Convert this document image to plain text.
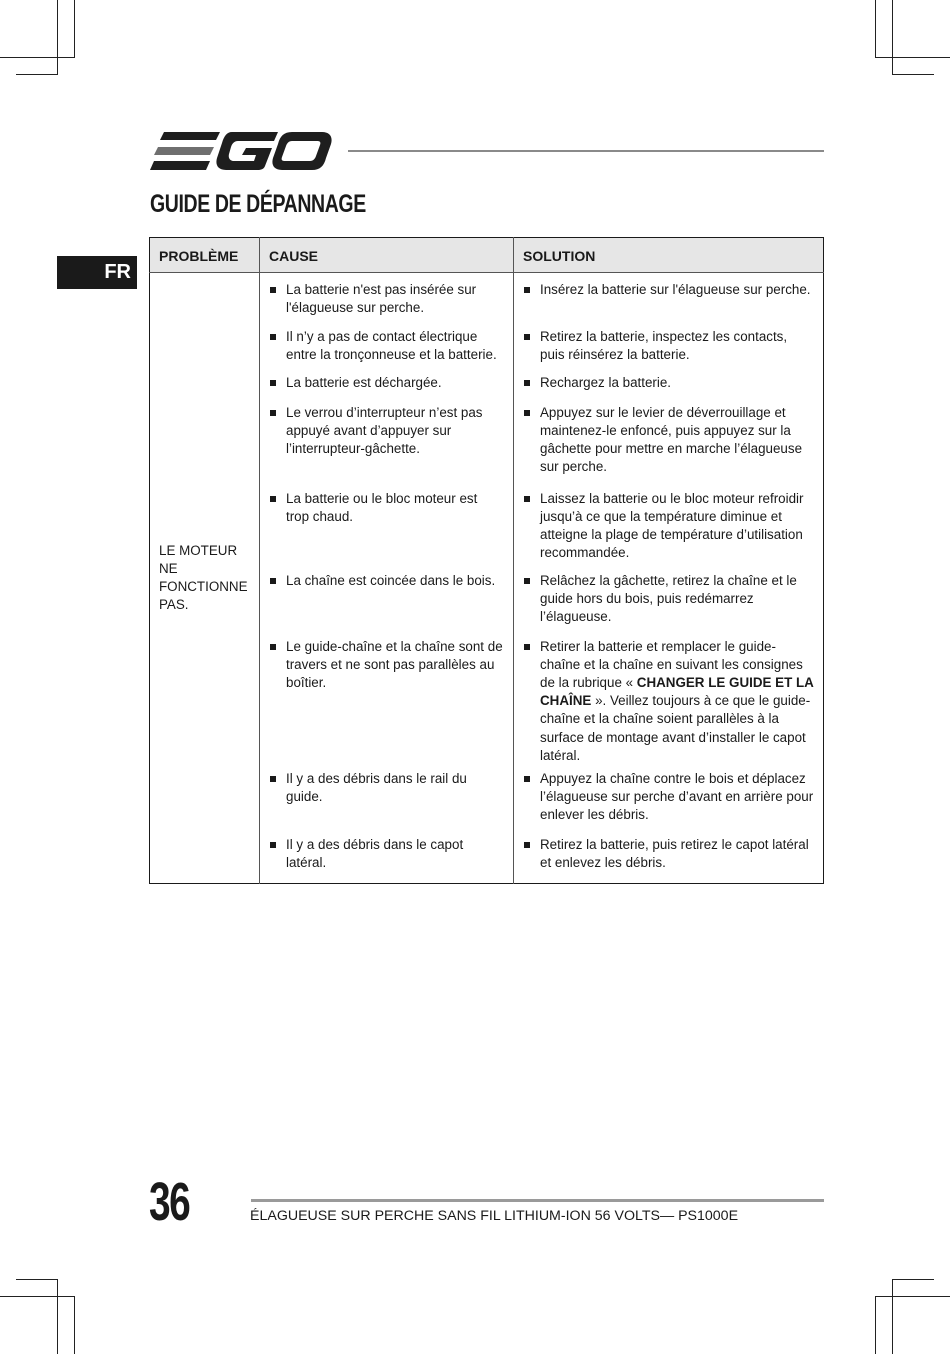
GUIDE DE DÉPANNAGE
FR
PROBLÈME	CAUSE	SOLUTION
LE MOTEUR NE FONCTIONNE PAS.	La batterie n'est pas insérée sur l'élagueuse sur perche.	Insérez la batterie sur l'élagueuse sur perche.

Il n’y a pas de contact électrique entre la tronçonneuse et la batterie.	Retirez la batterie, inspectez les contacts, puis réinsérez la batterie.

La batterie est déchargée.	Rechargez la batterie.

Le verrou d’interrupteur n’est pas appuyé avant d’appuyer sur l’interrupteur-gâchette.	Appuyez sur le levier de déverrouillage et maintenez-le enfoncé, puis appuyez sur la gâchette pour mettre en marche l’élagueuse sur perche.

La batterie ou le bloc moteur est trop chaud.	Laissez la batterie ou le bloc moteur refroidir jusqu’à ce que la température diminue et atteigne la plage de température d’utilisation recommandée.

La chaîne est coincée dans le bois.	Relâchez la gâchette, retirez la chaîne et le guide hors du bois, puis redémarrez l’élagueuse.

Le guide-chaîne et la chaîne sont de travers et ne sont pas parallèles au boîtier.	Retirer la batterie et remplacer le guide-chaîne et la chaîne en suivant les consignes de la rubrique « CHANGER LE GUIDE ET LA CHAÎNE ». Veillez toujours à ce que le guide-chaîne et la chaîne soient parallèles à la surface de montage avant d’installer le capot latéral.

Il y a des débris dans le rail du guide.	Appuyez la chaîne contre le bois et déplacez l’élagueuse sur perche d’avant en arrière pour enlever les débris.

Il y a des débris dans le capot latéral.	Retirez la batterie, puis retirez le capot latéral et enlevez les débris.
36	ÉLAGUEUSE SUR PERCHE SANS FIL LITHIUM-ION 56 VOLTS— PS1000E
